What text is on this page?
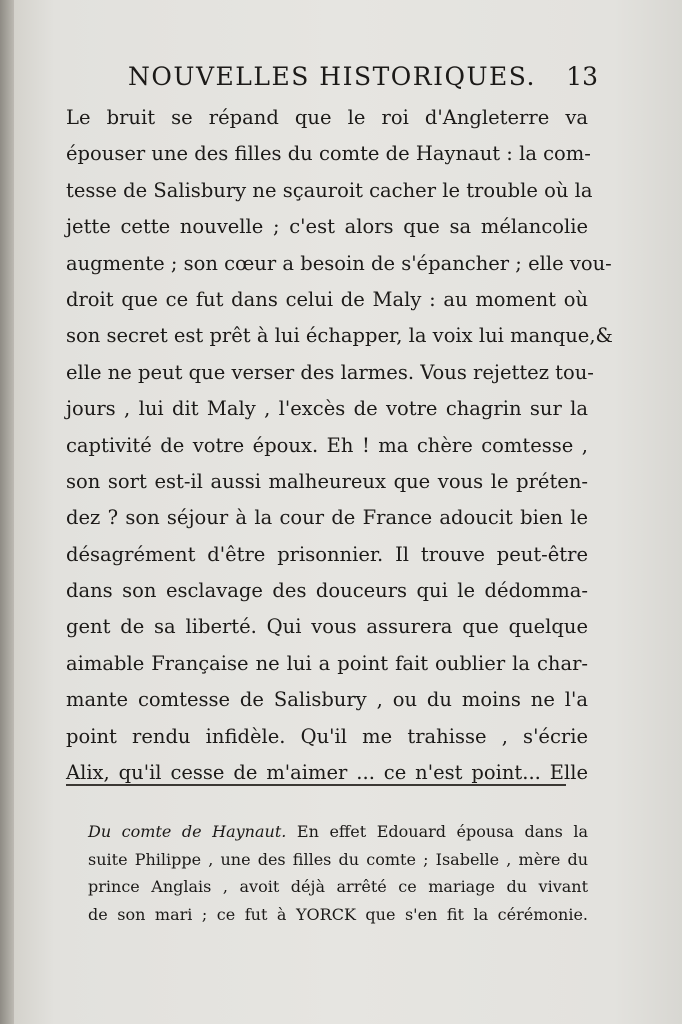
NOUVELLES HISTORIQUES. 13
Le bruit se répand que le roi d'Angleterre va
épouser une des filles du comte de Haynaut : la com-
tesse de Salisbury ne sçauroit cacher le trouble où la
jette cette nouvelle ; c'est alors que sa mélancolie
augmente ; son cœur a besoin de s'épancher ; elle vou-
droit que ce fut dans celui de Maly : au moment où
son secret est prêt à lui échapper, la voix lui manque,&
elle ne peut que verser des larmes. Vous rejettez tou-
jours , lui dit Maly , l'excès de votre chagrin sur la
captivité de votre époux. Eh ! ma chère comtesse ,
son sort est-il aussi malheureux que vous le préten-
dez ? son séjour à la cour de France adoucit bien le
désagrément d'être prisonnier. Il trouve peut-être
dans son esclavage des douceurs qui le dédomma-
gent de sa liberté. Qui vous assurera que quelque
aimable Française ne lui a point fait oublier la char-
mante comtesse de Salisbury , ou du moins ne l'a
point rendu infidèle. Qu'il me trahisse , s'écrie
Alix, qu'il cesse de m'aimer ... ce n'est point... Elle
Du comte de Haynaut. En effet Edouard épousa dans la
suite Philippe , une des filles du comte ; Isabelle , mère du
prince Anglais , avoit déjà arrêté ce mariage du vivant
de son mari ; ce fut à YORCK que s'en fit la cérémonie.
